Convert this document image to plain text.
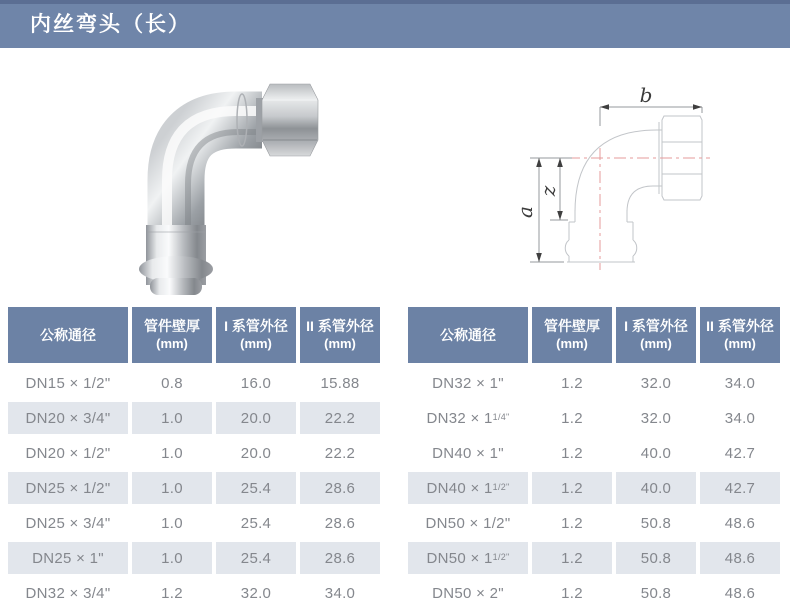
内丝弯头（长）
b
a
z
公称通径
管件壁厚
(mm)
I 系管外径
(mm)
II 系管外径
(mm)
DN15 × 1/2"	0.8	16.0	15.88
DN20 × 3/4"	1.0	20.0	22.2
DN20 × 1/2"	1.0	20.0	22.2
DN25 × 1/2"	1.0	25.4	28.6
DN25 × 3/4"	1.0	25.4	28.6
DN25 × 1"	1.0	25.4	28.6
DN32 × 3/4"	1.2	32.0	34.0
公称通径
管件壁厚
(mm)
I 系管外径
(mm)
II 系管外径
(mm)
DN32 × 1"	1.2	32.0	34.0
$DN32 \times 1^{1/4"}$	1.2	32.0	34.0
DN40 × 1"	1.2	40.0	42.7
$DN40 \times 1^{1/2"}$	1.2	40.0	42.7
DN50 × 1/2"	1.2	50.8	48.6
$DN50 \times 1^{1/2"}$	1.2	50.8	48.6
DN50 × 2"	1.2	50.8	48.6
